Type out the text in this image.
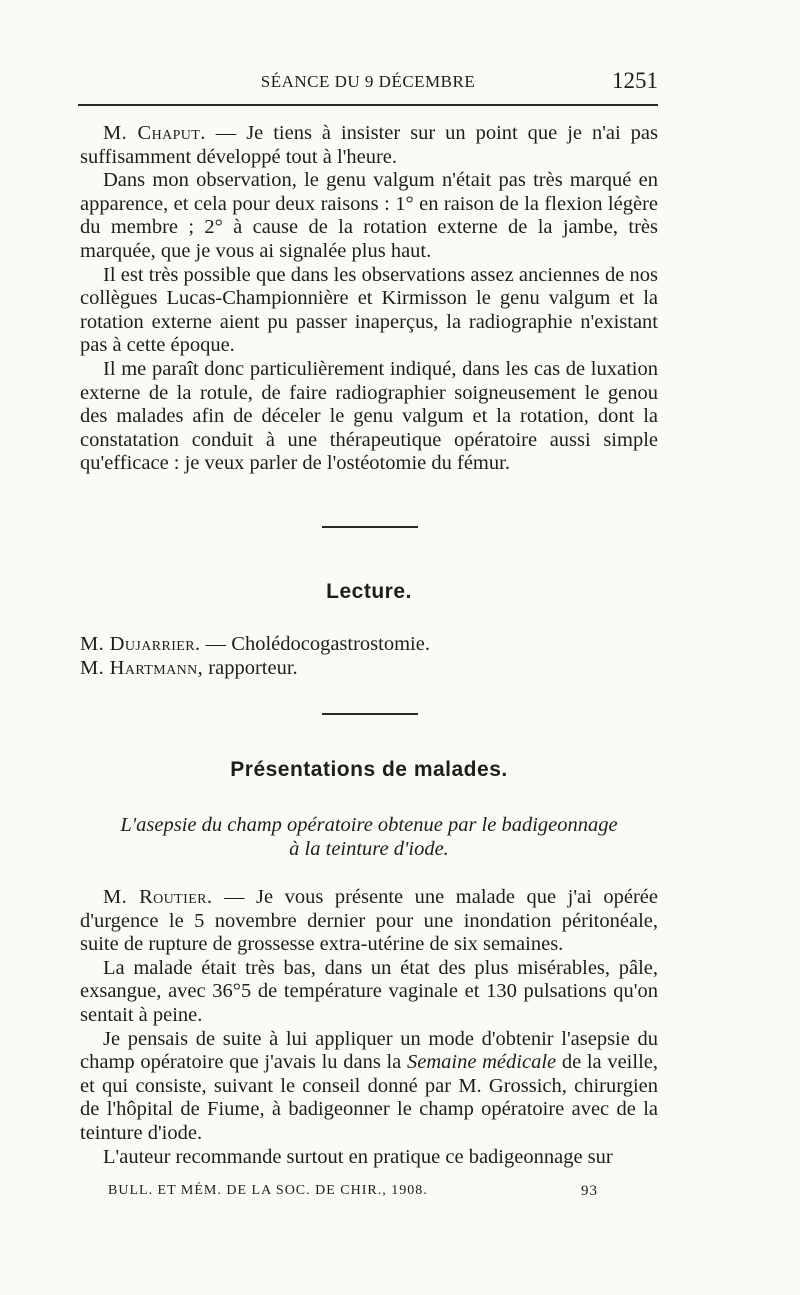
SÉANCE DU 9 DÉCEMBRE	1251

M. Chaput. — Je tiens à insister sur un point que je n'ai pas suffisamment développé tout à l'heure.

Dans mon observation, le genu valgum n'était pas très marqué en apparence, et cela pour deux raisons : 1° en raison de la flexion légère du membre ; 2° à cause de la rotation externe de la jambe, très marquée, que je vous ai signalée plus haut.

Il est très possible que dans les observations assez anciennes de nos collègues Lucas-Championnière et Kirmisson le genu valgum et la rotation externe aient pu passer inaperçus, la radiographie n'existant pas à cette époque.

Il me paraît donc particulièrement indiqué, dans les cas de luxation externe de la rotule, de faire radiographier soigneusement le genou des malades afin de déceler le genu valgum et la rotation, dont la constatation conduit à une thérapeutique opératoire aussi simple qu'efficace : je veux parler de l'ostéotomie du fémur.

Lecture.
M. Dujarrier. — Cholédocogastrostomie.
M. Hartmann, rapporteur.
Présentations de malades.
L'asepsie du champ opératoire obtenue par le badigeonnage
à la teinture d'iode.

M. Routier. — Je vous présente une malade que j'ai opérée d'urgence le 5 novembre dernier pour une inondation péritonéale, suite de rupture de grossesse extra-utérine de six semaines.

La malade était très bas, dans un état des plus misérables, pâle, exsangue, avec 36°5 de température vaginale et 130 pulsations qu'on sentait à peine.

Je pensais de suite à lui appliquer un mode d'obtenir l'asepsie du champ opératoire que j'avais lu dans la Semaine médicale de la veille, et qui consiste, suivant le conseil donné par M. Grossich, chirurgien de l'hôpital de Fiume, à badigeonner le champ opératoire avec de la teinture d'iode.

L'auteur recommande surtout en pratique ce badigeonnage sur

BULL. ET MÉM. DE LA SOC. DE CHIR., 1908.	93
